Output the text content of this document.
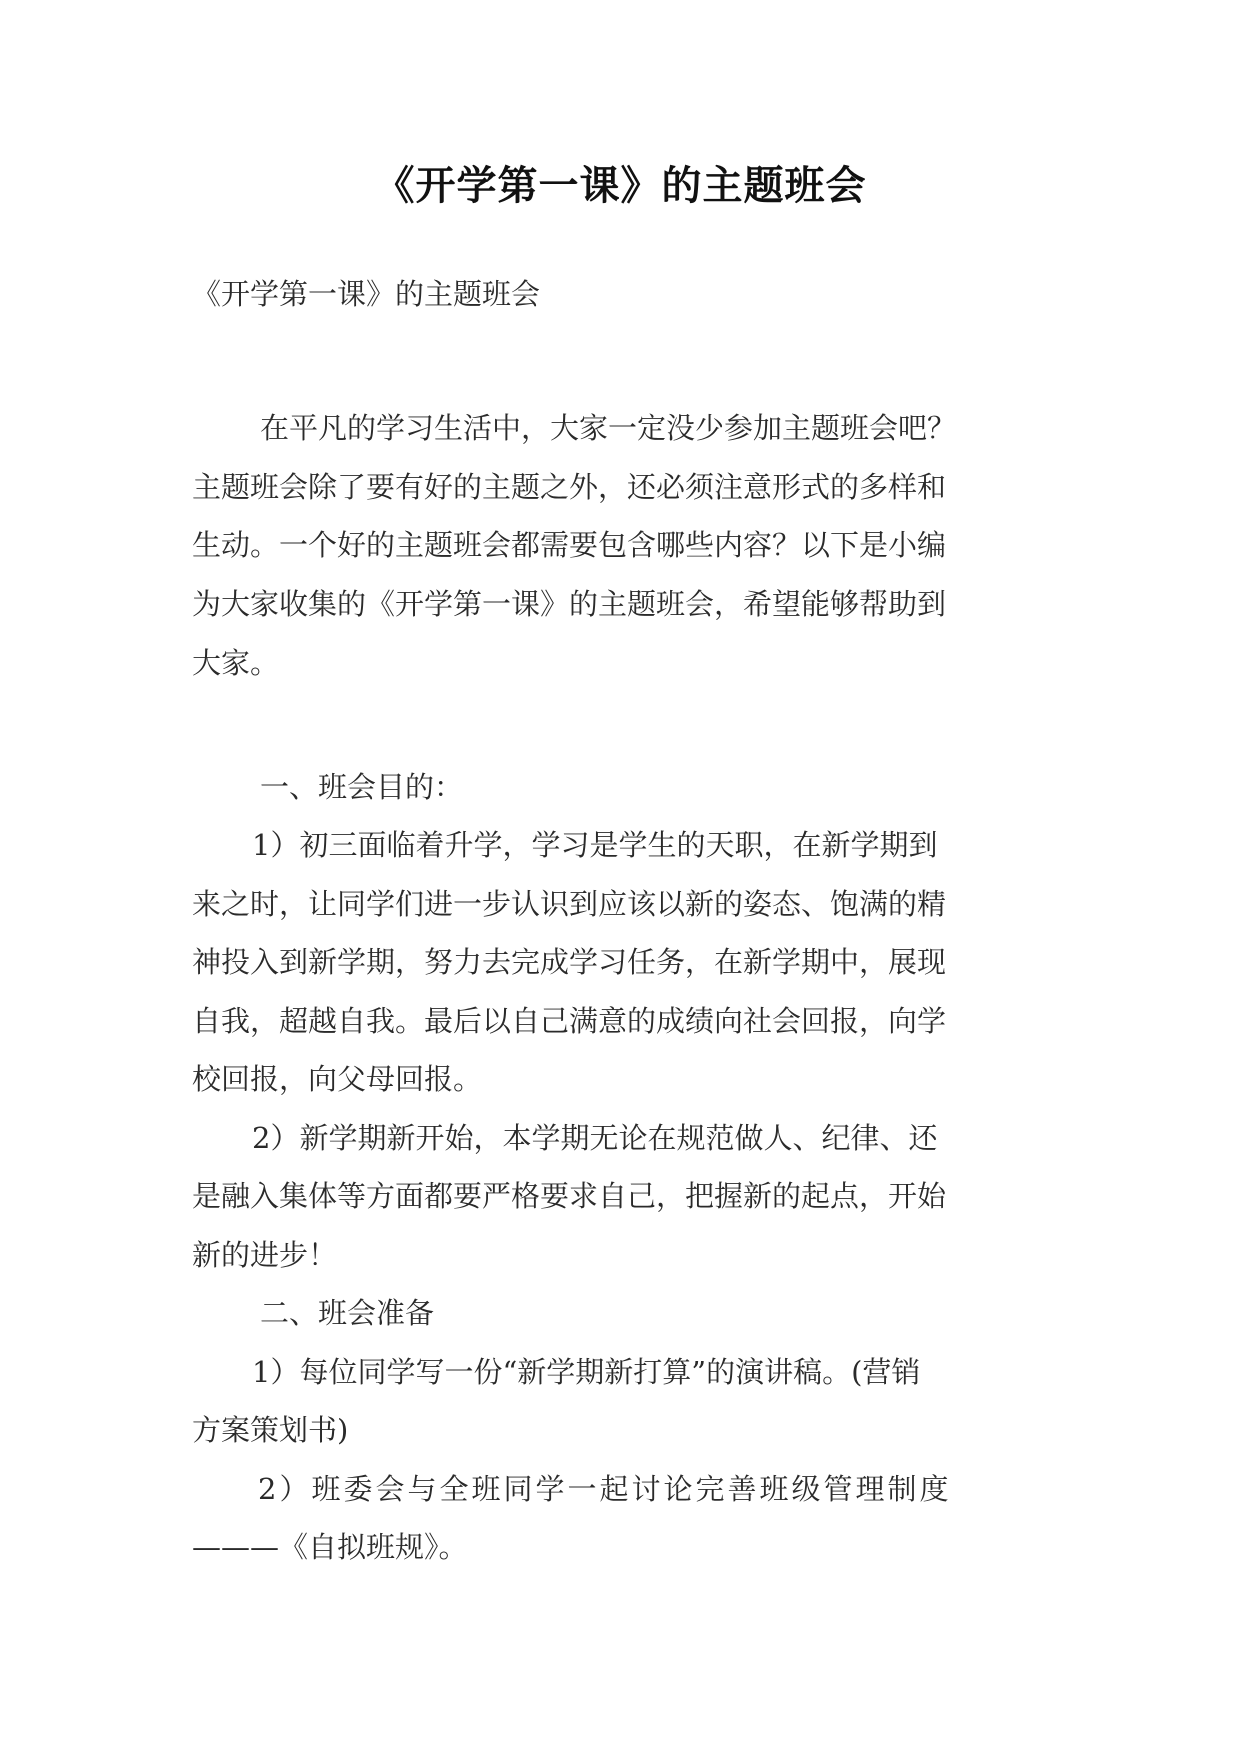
《开学第一课》的主题班会
《开学第一课》的主题班会
在平凡的学习生活中，大家一定没少参加主题班会吧？
主题班会除了要有好的主题之外，还必须注意形式的多样和
生动。一个好的主题班会都需要包含哪些内容？以下是小编
为大家收集的《开学第一课》的主题班会，希望能够帮助到
大家。
一、班会目的：
1）初三面临着升学，学习是学生的天职，在新学期到
来之时，让同学们进一步认识到应该以新的姿态、饱满的精
神投入到新学期，努力去完成学习任务，在新学期中，展现
自我，超越自我。最后以自己满意的成绩向社会回报，向学
校回报，向父母回报。
2）新学期新开始，本学期无论在规范做人、纪律、还
是融入集体等方面都要严格要求自己，把握新的起点，开始
新的进步！
二、班会准备
1）每位同学写一份“新学期新打算”的演讲稿。(营销
方案策划书)
2）班委会与全班同学一起讨论完善班级管理制度
———《自拟班规》。
